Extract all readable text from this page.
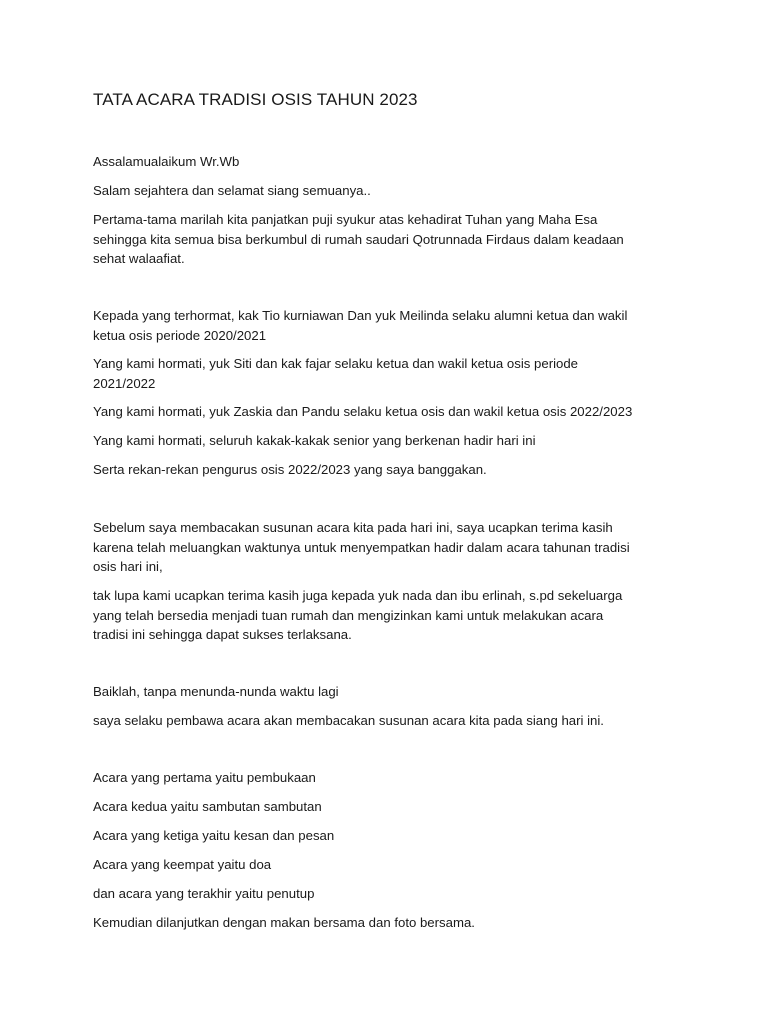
TATA ACARA TRADISI OSIS TAHUN 2023
Assalamualaikum Wr.Wb
Salam sejahtera dan selamat siang semuanya..
Pertama-tama marilah kita panjatkan puji syukur atas kehadirat Tuhan yang Maha Esa
sehingga kita semua bisa berkumbul di rumah saudari Qotrunnada Firdaus dalam keadaan
sehat walaafiat.
Kepada yang terhormat, kak Tio kurniawan Dan yuk Meilinda selaku alumni ketua dan wakil
ketua osis periode 2020/2021
Yang kami hormati, yuk Siti dan kak fajar selaku ketua dan wakil ketua osis periode
2021/2022
Yang kami hormati, yuk Zaskia dan Pandu selaku ketua osis dan wakil ketua osis 2022/2023
Yang kami hormati, seluruh kakak-kakak senior yang berkenan hadir hari ini
Serta rekan-rekan pengurus osis 2022/2023 yang saya banggakan.
Sebelum saya membacakan susunan acara kita pada hari ini, saya ucapkan terima kasih
karena telah meluangkan waktunya untuk menyempatkan hadir dalam acara tahunan tradisi
osis hari ini,
tak lupa kami ucapkan terima kasih juga kepada yuk nada dan ibu erlinah, s.pd sekeluarga
yang telah bersedia menjadi tuan rumah dan mengizinkan kami untuk melakukan acara
tradisi ini sehingga dapat sukses terlaksana.
Baiklah, tanpa menunda-nunda waktu lagi
saya selaku pembawa acara akan membacakan susunan acara kita pada siang hari ini.
Acara yang pertama yaitu pembukaan
Acara kedua yaitu sambutan sambutan
Acara yang ketiga yaitu kesan dan pesan
Acara yang keempat yaitu doa
dan acara yang terakhir yaitu penutup
Kemudian dilanjutkan dengan makan bersama dan foto bersama.
